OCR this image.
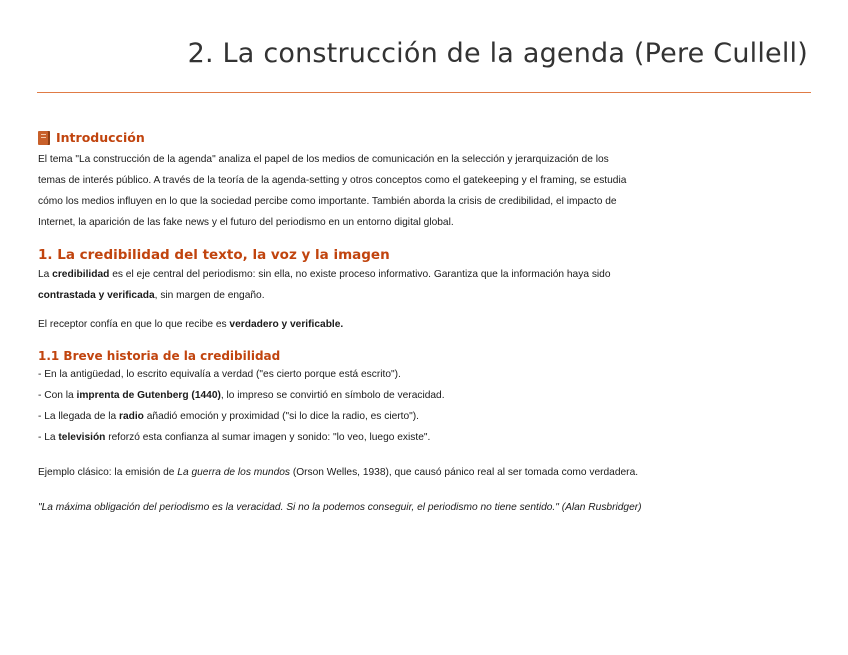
2. La construcción de la agenda (Pere Cullell)
Introducción

El tema "La construcción de la agenda" analiza el papel de los medios de comunicación en la selección y jerarquización de los

temas de interés público. A través de la teoría de la agenda-setting y otros conceptos como el gatekeeping y el framing, se estudia

cómo los medios influyen en lo que la sociedad percibe como importante. También aborda la crisis de credibilidad, el impacto de

Internet, la aparición de las fake news y el futuro del periodismo en un entorno digital global.

1. La credibilidad del texto, la voz y la imagen

La credibilidad es el eje central del periodismo: sin ella, no existe proceso informativo. Garantiza que la información haya sido

contrastada y verificada, sin margen de engaño.

El receptor confía en que lo que recibe es verdadero y verificable.

1.1 Breve historia de la credibilidad

- En la antigüedad, lo escrito equivalía a verdad ("es cierto porque está escrito").

- Con la imprenta de Gutenberg (1440), lo impreso se convirtió en símbolo de veracidad.

- La llegada de la radio añadió emoción y proximidad ("si lo dice la radio, es cierto").

- La televisión reforzó esta confianza al sumar imagen y sonido: "lo veo, luego existe".

Ejemplo clásico: la emisión de La guerra de los mundos (Orson Welles, 1938), que causó pánico real al ser tomada como verdadera.

"La máxima obligación del periodismo es la veracidad. Si no la podemos conseguir, el periodismo no tiene sentido." (Alan Rusbridger)
